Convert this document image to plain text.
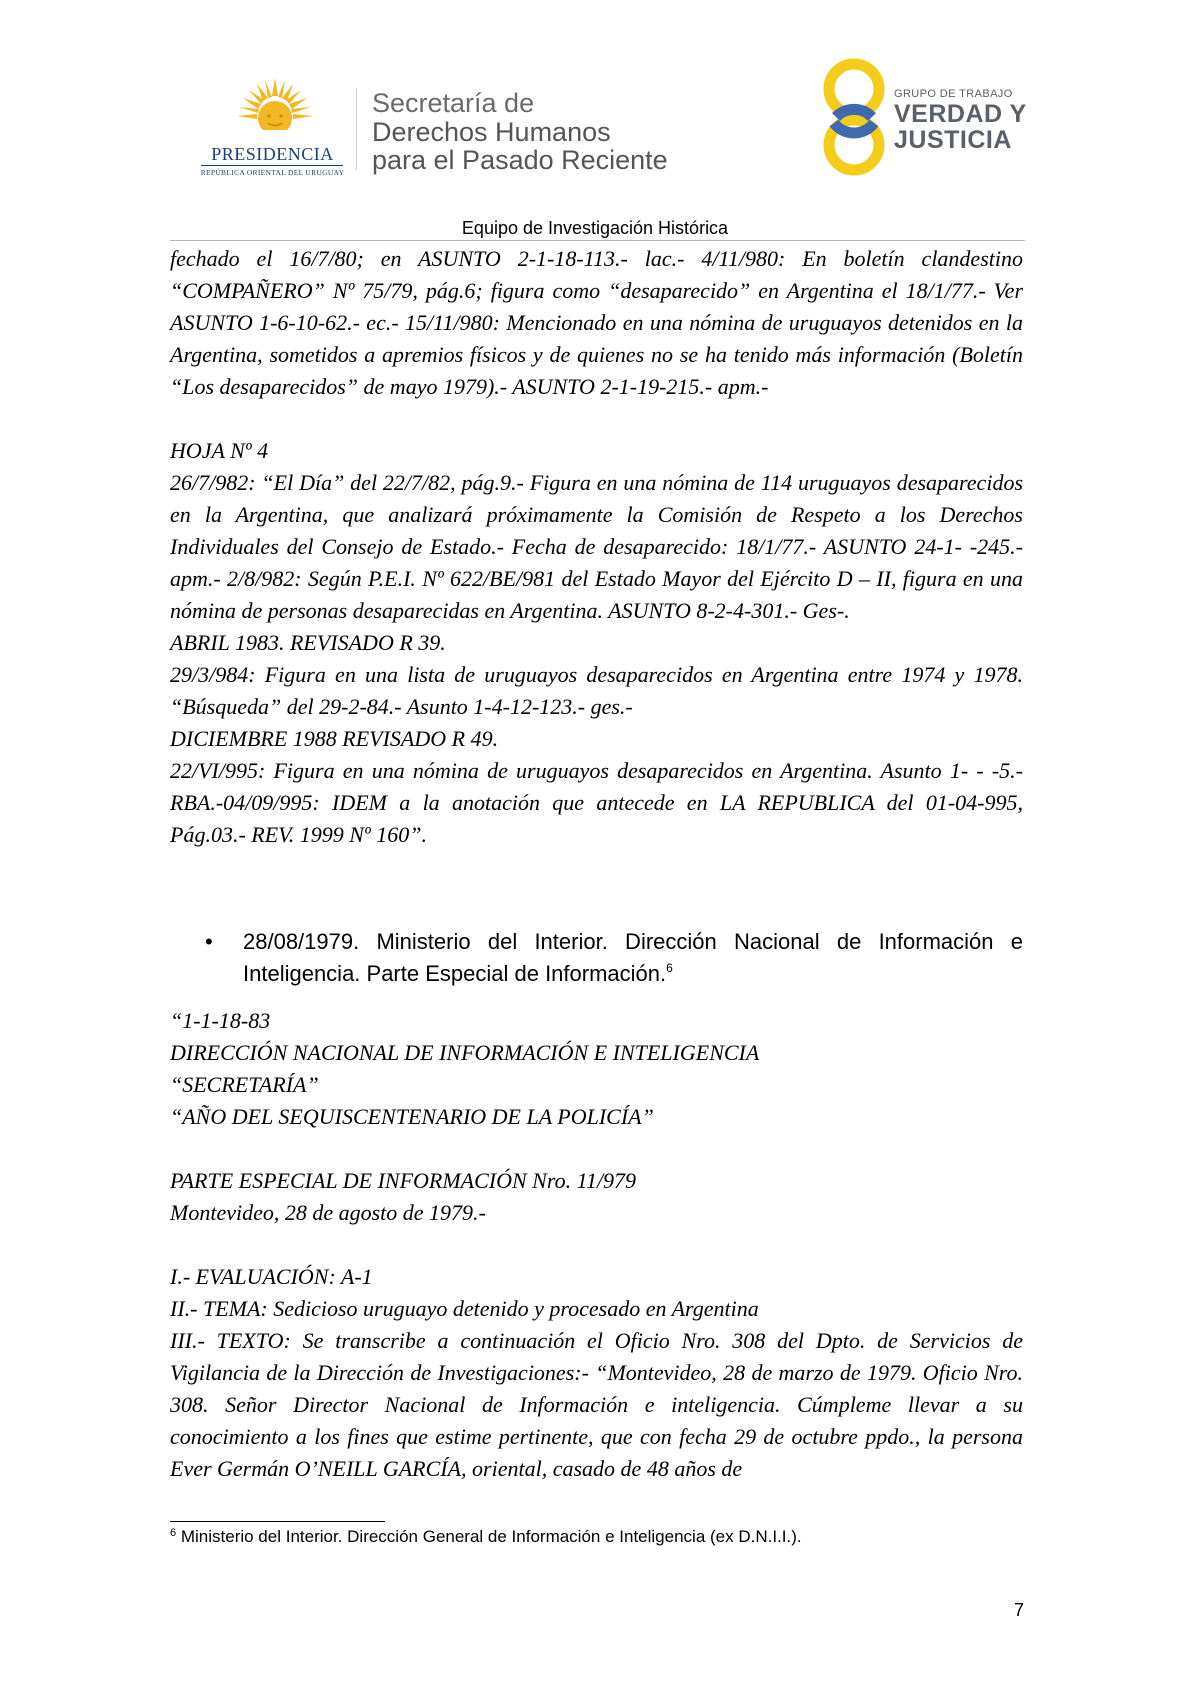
PRESIDENCIA
REPÚBLICA ORIENTAL DEL URUGUAY
Secretaría de
Derechos Humanos
para el Pasado Reciente
GRUPO DE TRABAJO
VERDAD Y
JUSTICIA
Equipo de Investigación Histórica

fechado el 16/7/80; en ASUNTO 2-1-18-113.- lac.- 4/11/980: En boletín clandestino “COMPAÑERO” Nº 75/79, pág.6; figura como “desaparecido” en Argentina el 18/1/77.- Ver ASUNTO 1-6-10-62.- ec.- 15/11/980: Mencionado en una nómina de uruguayos detenidos en la Argentina, sometidos a apremios físicos y de quienes no se ha tenido más información (Boletín “Los desaparecidos” de mayo 1979).- ASUNTO 2-1-19-215.- apm.-

HOJA Nº 4

26/7/982: “El Día” del 22/7/82, pág.9.- Figura en una nómina de 114 uruguayos desaparecidos en la Argentina, que analizará próximamente la Comisión de Respeto a los Derechos Individuales del Consejo de Estado.- Fecha de desaparecido: 18/1/77.- ASUNTO 24-1- -245.- apm.- 2/8/982: Según P.E.I. Nº 622/BE/981 del Estado Mayor del Ejército D – II, figura en una nómina de personas desaparecidas en Argentina. ASUNTO 8-2-4-301.- Ges-.

ABRIL 1983. REVISADO R 39.

29/3/984: Figura en una lista de uruguayos desaparecidos en Argentina entre 1974 y 1978. “Búsqueda” del 29-2-84.- Asunto 1-4-12-123.- ges.-

DICIEMBRE 1988 REVISADO R 49.

22/VI/995: Figura en una nómina de uruguayos desaparecidos en Argentina. Asunto 1- - -5.- RBA.-04/09/995: IDEM a la anotación que antecede en LA REPUBLICA del 01-04-995, Pág.03.- REV. 1999 Nº 160”.

• 28/08/1979. Ministerio del Interior. Dirección Nacional de Información e Inteligencia. Parte Especial de Información.$^6$

“1-1-18-83

DIRECCIÓN NACIONAL DE INFORMACIÓN E INTELIGENCIA

“SECRETARÍA”

“AÑO DEL SEQUISCENTENARIO DE LA POLICÍA”

PARTE ESPECIAL DE INFORMACIÓN Nro. 11/979

Montevideo, 28 de agosto de 1979.-

I.- EVALUACIÓN: A-1

II.- TEMA: Sedicioso uruguayo detenido y procesado en Argentina

III.- TEXTO: Se transcribe a continuación el Oficio Nro. 308 del Dpto. de Servicios de Vigilancia de la Dirección de Investigaciones:- “Montevideo, 28 de marzo de 1979. Oficio Nro. 308. Señor Director Nacional de Información e inteligencia. Cúmpleme llevar a su conocimiento a los fines que estime pertinente, que con fecha 29 de octubre ppdo., la persona Ever Germán O’NEILL GARCÍA, oriental, casado de 48 años de

$^6$ Ministerio del Interior. Dirección General de Información e Inteligencia (ex D.N.I.I.).
7
